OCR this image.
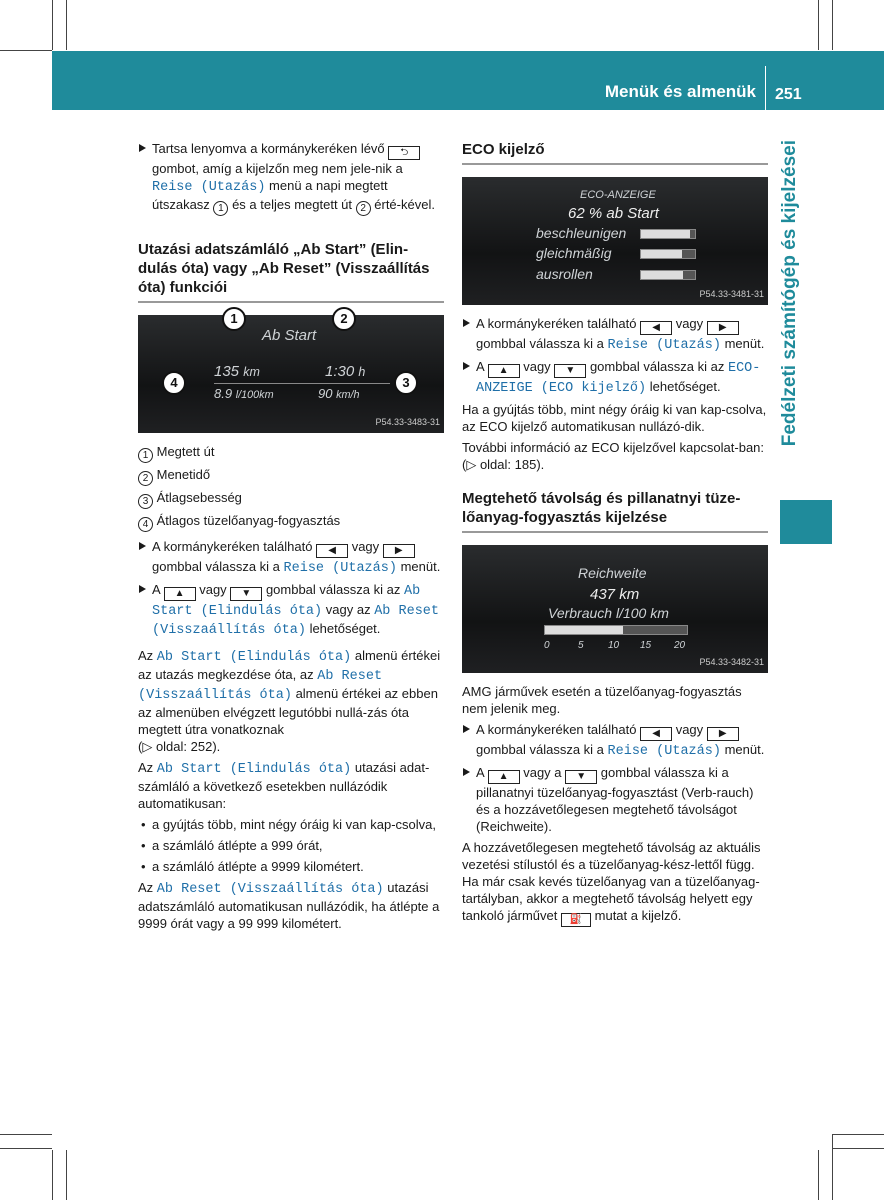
Menük és almenük 251
Fedélzeti számítógép és kijelzései
Tartsa lenyomva a kormánykeréken lévő ⮌ gombot, amíg a kijelzőn meg nem jele-nik a Reise (Utazás) menü a napi megtett útszakasz 1 és a teljes megtett út 2 érté-kével.
Utazási adatszámláló „Ab Start” (Elin-dulás óta) vagy „Ab Reset” (Visszaállítás óta) funkciói
Ab Start
135 km	1:30 h
8.9 l/100km	90 km/h
1	2
4	3
P54.33-3483-31
1 Megtett út
2 Menetidő
3 Átlagsebesség
4 Átlagos tüzelőanyag-fogyasztás
A kormánykeréken található ◀ vagy ▶ gombbal válassza ki a Reise (Utazás) menüt.
A ▲ vagy ▼ gombbal válassza ki az Ab Start (Elindulás óta) vagy az Ab Reset (Visszaállítás óta) lehetőséget.

Az Ab Start (Elindulás óta) almenü értékei az utazás megkezdése óta, az Ab Reset (Visszaállítás óta) almenü értékei az ebben az almenüben elvégzett legutóbbi nullá-zás óta megtett útra vonatkoznak
(▷ oldal: 252).

Az Ab Start (Elindulás óta) utazási adat-számláló a következő esetekben nullázódik automatikusan:

• a gyújtás több, mint négy óráig ki van kap-csolva,
• a számláló átlépte a 999 órát,
• a számláló átlépte a 9999 kilométert.

Az Ab Reset (Visszaállítás óta) utazási adatszámláló automatikusan nullázódik, ha átlépte a 9999 órát vagy a 99 999 kilométert.

ECO kijelző
ECO-ANZEIGE
62 % ab Start
beschleunigen
gleichmäßig
ausrollen
P54.33-3481-31
A kormánykeréken található ◀ vagy ▶ gombbal válassza ki a Reise (Utazás) menüt.
A ▲ vagy ▼ gombbal válassza ki az ECO-ANZEIGE (ECO kijelző) lehetőséget.

Ha a gyújtás több, mint négy óráig ki van kap-csolva, az ECO kijelző automatikusan nullázó-dik.

További információ az ECO kijelzővel kapcsolat-ban: (▷ oldal: 185).

Megtehető távolság és pillanatnyi tüze-lőanyag-fogyasztás kijelzése
Reichweite
437 km
Verbrauch l/100 km
0	5 10 15 20
P54.33-3482-31

AMG járművek esetén a tüzelőanyag-fogyasztás nem jelenik meg.

A kormánykeréken található ◀ vagy ▶ gombbal válassza ki a Reise (Utazás) menüt.
A ▲ vagy a ▼ gombbal válassza ki a pillanatnyi tüzelőanyag-fogyasztást (Verb-rauch) és a hozzávetőlegesen megtehető távolságot (Reichweite).

A hozzávetőlegesen megtehető távolság az aktuális vezetési stílustól és a tüzelőanyag-kész-lettől függ. Ha már csak kevés tüzelőanyag van a tüzelőanyag-tartályban, akkor a megtehető távolság helyett egy tankoló járművet ⛽ mutat a kijelző.
